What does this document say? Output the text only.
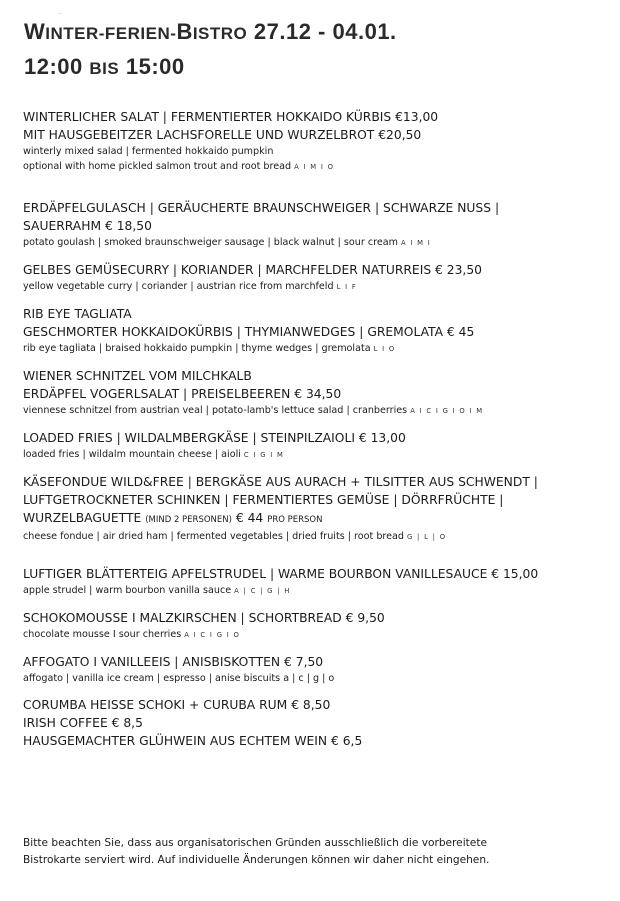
...
WINTER-FERIEN-BISTRO 27.12 - 04.01.
12:00 BIS 15:00
WINTERLICHER SALAT | FERMENTIERTER HOKKAIDO KÜRBIS €13,00
MIT HAUSGEBEITZER LACHSFORELLE UND WURZELBROT €20,50
winterly mixed salad | fermented hokkaido pumpkin
optional with home pickled salmon trout and root bread A I M I O
ERDÄPFELGULASCH | GERÄUCHERTE BRAUNSCHWEIGER | SCHWARZE NUSS |
SAUERRAHM € 18,50
potato goulash | smoked braunschweiger sausage | black walnut | sour cream A I M I
GELBES GEMÜSECURRY | KORIANDER | MARCHFELDER NATURREIS € 23,50
yellow vegetable curry | coriander | austrian rice from marchfeld L I F
RIB EYE TAGLIATA
GESCHMORTER HOKKAIDOKÜRBIS | THYMIANWEDGES | GREMOLATA € 45
rib eye tagliata | braised hokkaido pumpkin | thyme wedges | gremolata L I O
WIENER SCHNITZEL VOM MILCHKALB
ERDÄPFEL VOGERLSALAT | PREISELBEEREN € 34,50
viennese schnitzel from austrian veal | potato-lamb's lettuce salad | cranberries A I C I G I O I M
LOADED FRIES | WILDALMBERGKÄSE | STEINPILZAIOLI € 13,00
loaded fries | wildalm mountain cheese | aioli C I G I M
KÄSEFONDUE WILD&FREE | BERGKÄSE AUS AURACH + TILSITTER AUS SCHWENDT |
LUFTGETROCKNETER SCHINKEN | FERMENTIERTES GEMÜSE | DÖRRFRÜCHTE |
WURZELBAGUETTE (MIND 2 PERSONEN) € 44 PRO PERSON
cheese fondue | air dried ham | fermented vegetables | dried fruits | root bread G | L | O
LUFTIGER BLÄTTERTEIG APFELSTRUDEL | WARME BOURBON VANILLESAUCE € 15,00
apple strudel | warm bourbon vanilla sauce A | C | G | H
SCHOKOMOUSSE I MALZKIRSCHEN | SCHORTBREAD € 9,50
chocolate mousse I sour cherries A I C I G I O
AFFOGATO I VANILLEEIS | ANISBISKOTTEN € 7,50
affogato | vanilla ice cream | espresso | anise biscuits a | c | g | o
CORUMBA HEISSE SCHOKI + CURUBA RUM € 8,50
IRISH COFFEE € 8,5
HAUSGEMACHTER GLÜHWEIN AUS ECHTEM WEIN € 6,5
Bitte beachten Sie, dass aus organisatorischen Gründen ausschließlich die vorbereitete
Bistrokarte serviert wird. Auf individuelle Änderungen können wir daher nicht eingehen.
